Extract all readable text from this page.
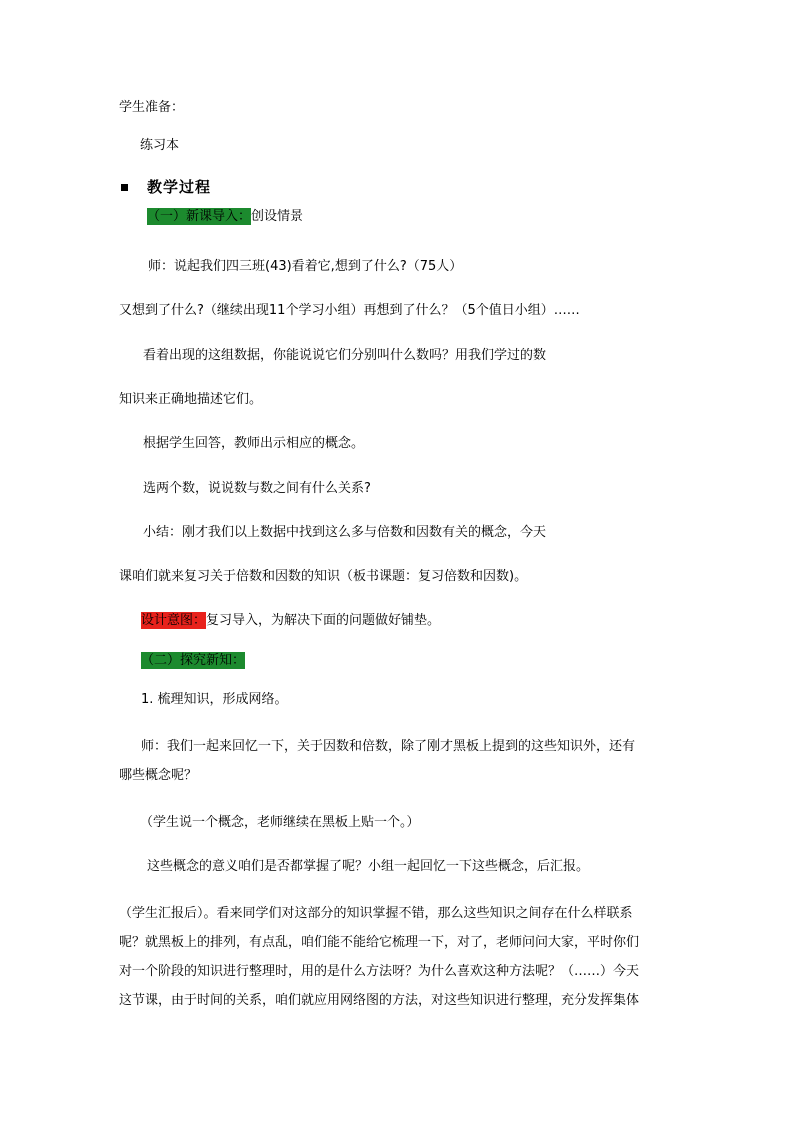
学生准备：
练习本
教学过程
（一）新课导入：创设情景
师：说起我们四三班(43)看着它,想到了什么?（75人）
又想到了什么?（继续出现11个学习小组）再想到了什么？（5个值日小组）……
看着出现的这组数据，你能说说它们分别叫什么数吗？用我们学过的数
知识来正确地描述它们。
根据学生回答，教师出示相应的概念。
选两个数，说说数与数之间有什么关系?
小结：刚才我们以上数据中找到这么多与倍数和因数有关的概念，今天
课咱们就来复习关于倍数和因数的知识（板书课题：复习倍数和因数)。
设计意图：复习导入，为解决下面的问题做好铺垫。
（二）探究新知：
1. 梳理知识，形成网络。
师：我们一起来回忆一下，关于因数和倍数，除了刚才黑板上提到的这些知识外，还有
哪些概念呢？
（学生说一个概念，老师继续在黑板上贴一个。）
这些概念的意义咱们是否都掌握了呢？小组一起回忆一下这些概念，后汇报。
（学生汇报后）。看来同学们对这部分的知识掌握不错，那么这些知识之间存在什么样联系
呢？就黑板上的排列，有点乱，咱们能不能给它梳理一下，对了，老师问问大家，平时你们
对一个阶段的知识进行整理时，用的是什么方法呀？为什么喜欢这种方法呢？（……）今天
这节课，由于时间的关系，咱们就应用网络图的方法，对这些知识进行整理，充分发挥集体
